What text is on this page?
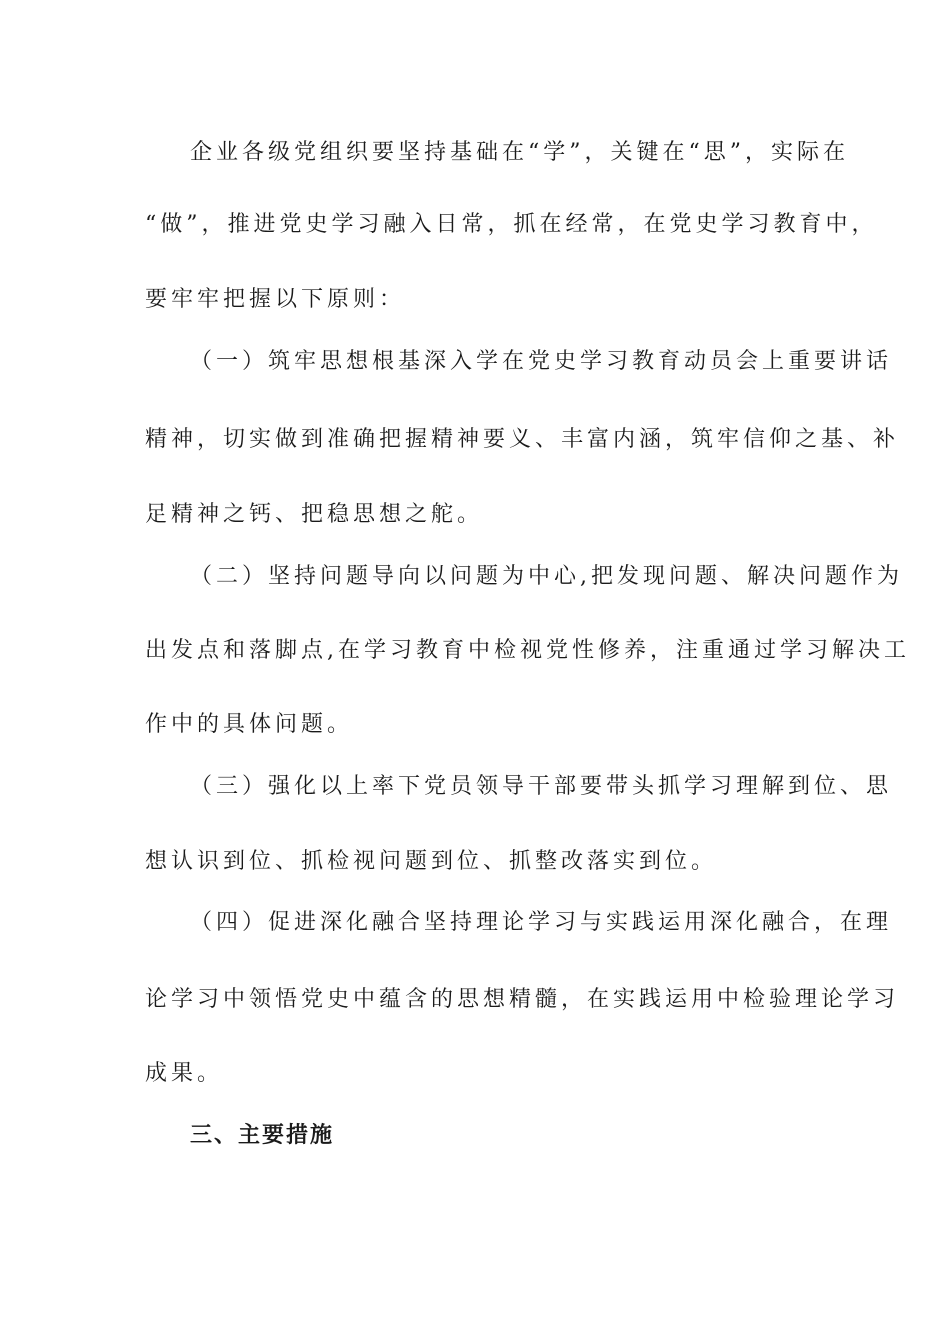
企业各级党组织要坚持基础在“学”，关键在“思”，实际在
“做”，推进党史学习融入日常，抓在经常，在党史学习教育中，
要牢牢把握以下原则：
（一）筑牢思想根基深入学在党史学习教育动员会上重要讲话
精神，切实做到准确把握精神要义、丰富内涵，筑牢信仰之基、补
足精神之钙、把稳思想之舵。
（二）坚持问题导向以问题为中心,把发现问题、解决问题作为
出发点和落脚点,在学习教育中检视党性修养，注重通过学习解决工
作中的具体问题。
（三）强化以上率下党员领导干部要带头抓学习理解到位、思
想认识到位、抓检视问题到位、抓整改落实到位。
（四）促进深化融合坚持理论学习与实践运用深化融合，在理
论学习中领悟党史中蕴含的思想精髓，在实践运用中检验理论学习
成果。
三、主要措施
